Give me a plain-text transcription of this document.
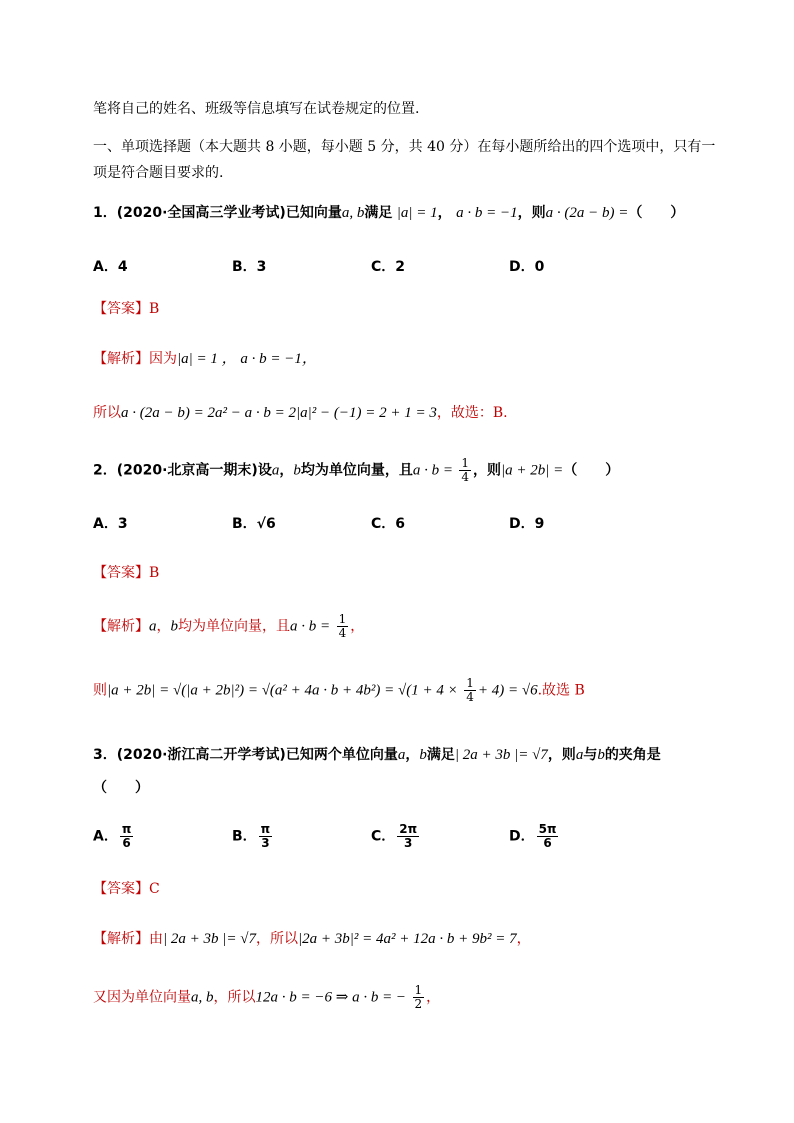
笔将自己的姓名、班级等信息填写在试卷规定的位置.
一、单项选择题（本大题共 8 小题，每小题 5 分，共 40 分）在每小题所给出的四个选项中，只有一
项是符合题目要求的.
1．(2020·全国高三学业考试)已知向量a, b满足 |a| = 1， a · b = −1，则a · (2a − b) =（　　）
A．4	B．3	C．2	D．0
【答案】B
【解析】因为|a| = 1 ， a · b = −1，
所以a · (2a − b) = 2a² − a · b = 2|a|² − (−1) = 2 + 1 = 3，故选：B.
2．(2020·北京高一期末)设a，b均为单位向量，且$a \cdot b = \frac{1}{4}$ ，则|a + 2b| =（　　）
A．3	B．√6	C．6	D．9
【答案】B
【解析】a，b均为单位向量，且$a \cdot b = \frac{1}{4}$ ，
则$|a + 2b| = √(|a + 2b|^2) = √(a^2 + 4a \cdot b + 4b^2) = √(1 + 4 \times \frac{1}{4} + 4) = √6$.故选 B
3．(2020·浙江高二开学考试)已知两个单位向量a，b满足| 2a + 3b |= √7，则a与b的夹角是
（　　）
A． $\frac{\pi}{6}$	B． $\frac{\pi}{3}$	C． $\frac{2\pi}{3}$	D． $\frac{5\pi}{6}$
【答案】C
【解析】由| 2a + 3b |= √7，所以|2a + 3b|² = 4a² + 12a · b + 9b² = 7，
又因为单位向量a, b，所以12a · b = −6 ⇒ a · b = − $\frac{1}{2}$ ，
